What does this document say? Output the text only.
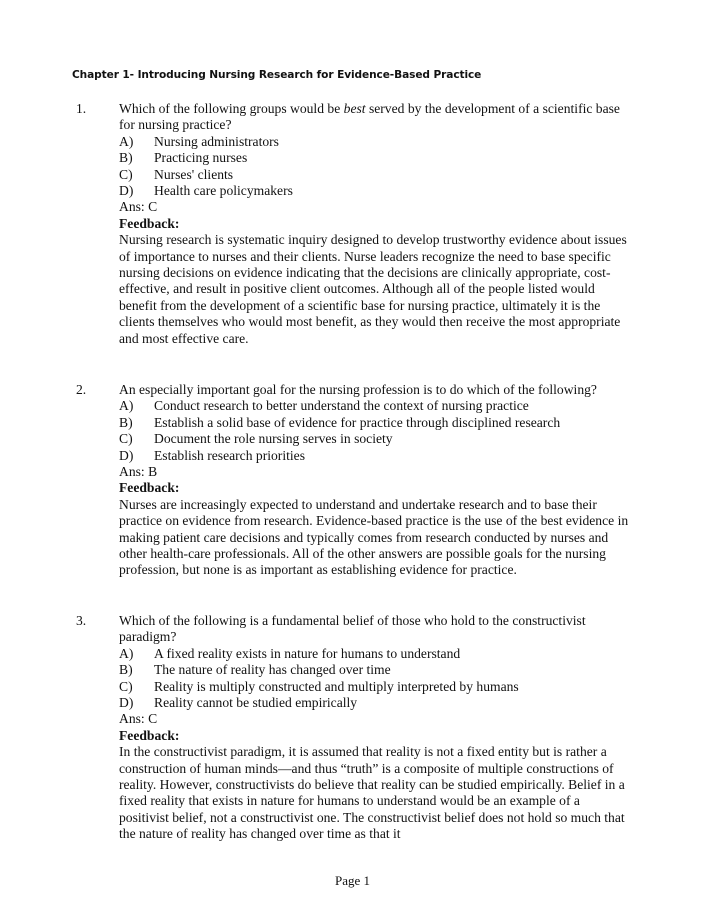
Chapter 1- Introducing Nursing Research for Evidence-Based Practice
1. Which of the following groups would be best served by the development of a scientific base for nursing practice?

A)	Nursing administrators
B)	Practicing nurses
C)	Nurses' clients
D)	Health care policymakers

Ans: C

Feedback:

Nursing research is systematic inquiry designed to develop trustworthy evidence about issues of importance to nurses and their clients. Nurse leaders recognize the need to base specific nursing decisions on evidence indicating that the decisions are clinically appropriate, cost-effective, and result in positive client outcomes. Although all of the people listed would benefit from the development of a scientific base for nursing practice, ultimately it is the clients themselves who would most benefit, as they would then receive the most appropriate and most effective care.

2. An especially important goal for the nursing profession is to do which of the following?

A)	Conduct research to better understand the context of nursing practice
B)	Establish a solid base of evidence for practice through disciplined research
C)	Document the role nursing serves in society
D)	Establish research priorities

Ans: B

Feedback:

Nurses are increasingly expected to understand and undertake research and to base their practice on evidence from research. Evidence-based practice is the use of the best evidence in making patient care decisions and typically comes from research conducted by nurses and other health-care professionals. All of the other answers are possible goals for the nursing profession, but none is as important as establishing evidence for practice.

3. Which of the following is a fundamental belief of those who hold to the constructivist paradigm?

A)	A fixed reality exists in nature for humans to understand
B)	The nature of reality has changed over time
C)	Reality is multiply constructed and multiply interpreted by humans
D)	Reality cannot be studied empirically

Ans: C

Feedback:

In the constructivist paradigm, it is assumed that reality is not a fixed entity but is rather a construction of human minds—and thus “truth” is a composite of multiple constructions of reality. However, constructivists do believe that reality can be studied empirically. Belief in a fixed reality that exists in nature for humans to understand would be an example of a positivist belief, not a constructivist one. The constructivist belief does not hold so much that the nature of reality has changed over time as that it

Page 1
